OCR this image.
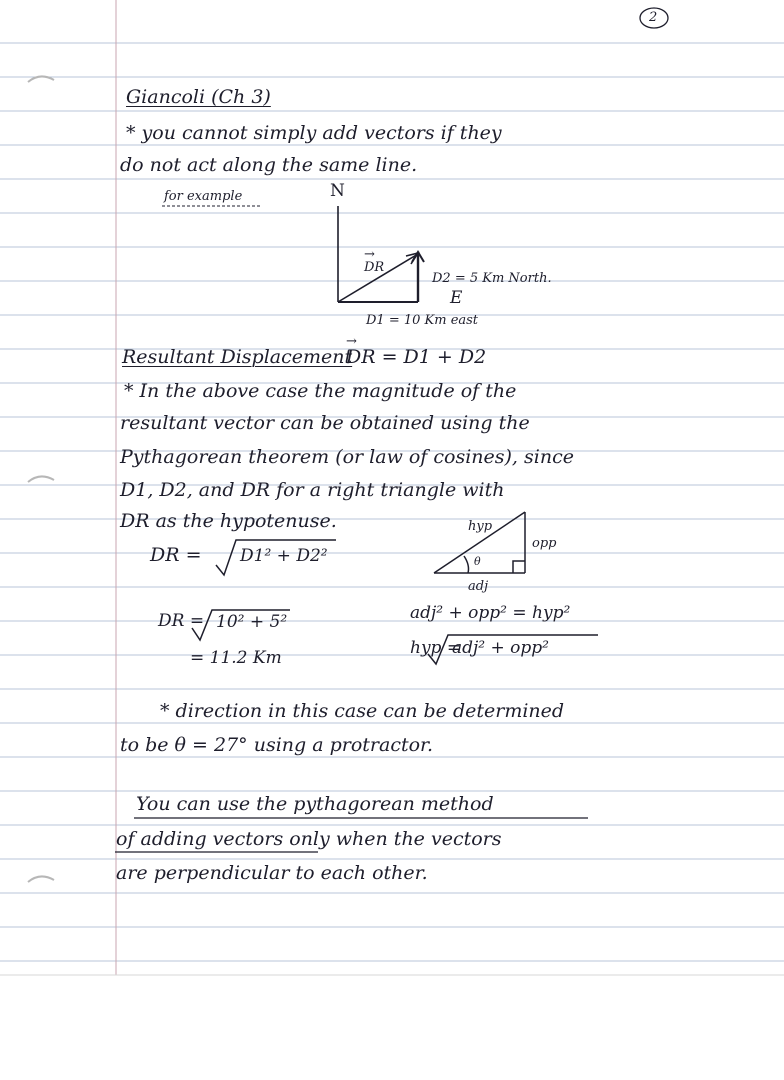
2
Giancoli (Ch 3)
* you cannot simply add vectors if they
do not act along the same line.
for example	N
→ DR
D2 = 5 Km North.
E
D1 = 10 Km east
Resultant Displacement
→ DR = D1 + D2
* In the above case the magnitude of the
resultant vector can be obtained using the
Pythagorean theorem (or law of cosines), since
D1, D2, and DR for a right triangle with
DR as the hypotenuse.	hyp
opp
adj
θ
DR = D1² + D2²
DR = 10² + 5²
= 11.2 Km
adj² + opp² = hyp²
hyp =
adj² + opp²
* direction in this case can be determined
to be θ = 27° using a protractor.
You can use the pythagorean method
of adding vectors only when the vectors
are perpendicular to each other.
